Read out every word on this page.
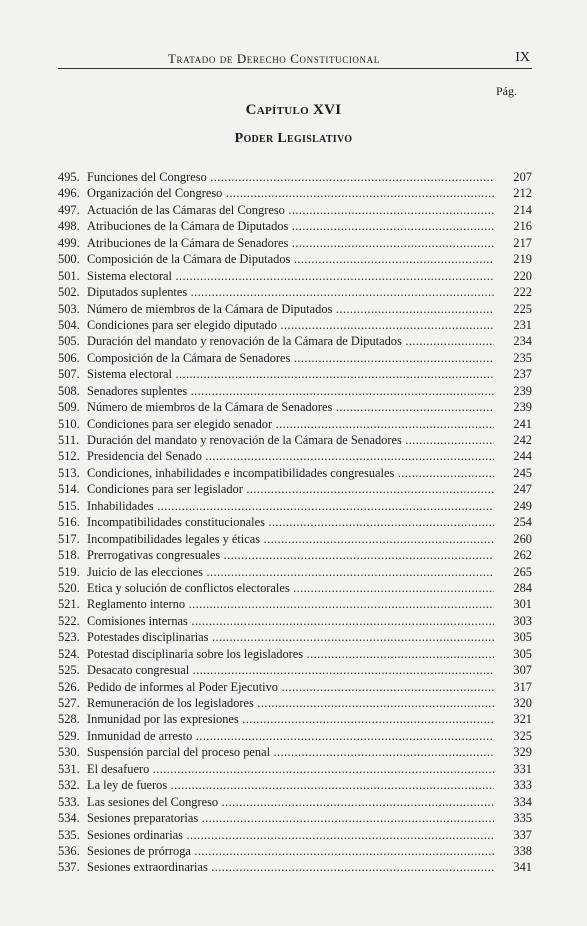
Tratado de Derecho Constitucional	IX
Pág.
Capítulo XVI
Poder Legislativo
495. Funciones del Congreso .....	207
496. Organización del Congreso .....	212
497. Actuación de las Cámaras del Congreso .....	214
498. Atribuciones de la Cámara de Diputados .....	216
499. Atribuciones de la Cámara de Senadores .....	217
500. Composición de la Cámara de Diputados .....	219
501. Sistema electoral .....	220
502. Diputados suplentes .....	222
503. Número de miembros de la Cámara de Diputados .....	225
504. Condiciones para ser elegido diputado .....	231
505. Duración del mandato y renovación de la Cámara de Diputados .....	234
506. Composición de la Cámara de Senadores .....	235
507. Sistema electoral .....	237
508. Senadores suplentes .....	239
509. Número de miembros de la Cámara de Senadores .....	239
510. Condiciones para ser elegido senador .....	241
511. Duración del mandato y renovación de la Cámara de Senadores .....	242
512. Presidencia del Senado .....	244
513. Condiciones, inhabilidades e incompatibilidades congresuales .....	245
514. Condiciones para ser legislador .....	247
515. Inhabilidades .....	249
516. Incompatibilidades constitucionales .....	254
517. Incompatibilidades legales y éticas .....	260
518. Prerrogativas congresuales .....	262
519. Juicio de las elecciones .....	265
520. Etica y solución de conflictos electorales .....	284
521. Reglamento interno .....	301
522. Comisiones internas .....	303
523. Potestades disciplinarias .....	305
524. Potestad disciplinaria sobre los legisladores .....	305
525. Desacato congresual .....	307
526. Pedido de informes al Poder Ejecutivo .....	317
527. Remuneración de los legisladores .....	320
528. Inmunidad por las expresiones .....	321
529. Inmunidad de arresto .....	325
530. Suspensión parcial del proceso penal .....	329
531. El desafuero .....	331
532. La ley de fueros .....	333
533. Las sesiones del Congreso .....	334
534. Sesiones preparatorias .....	335
535. Sesiones ordinarias .....	337
536. Sesiones de prórroga .....	338
537. Sesiones extraordinarias .....	341
